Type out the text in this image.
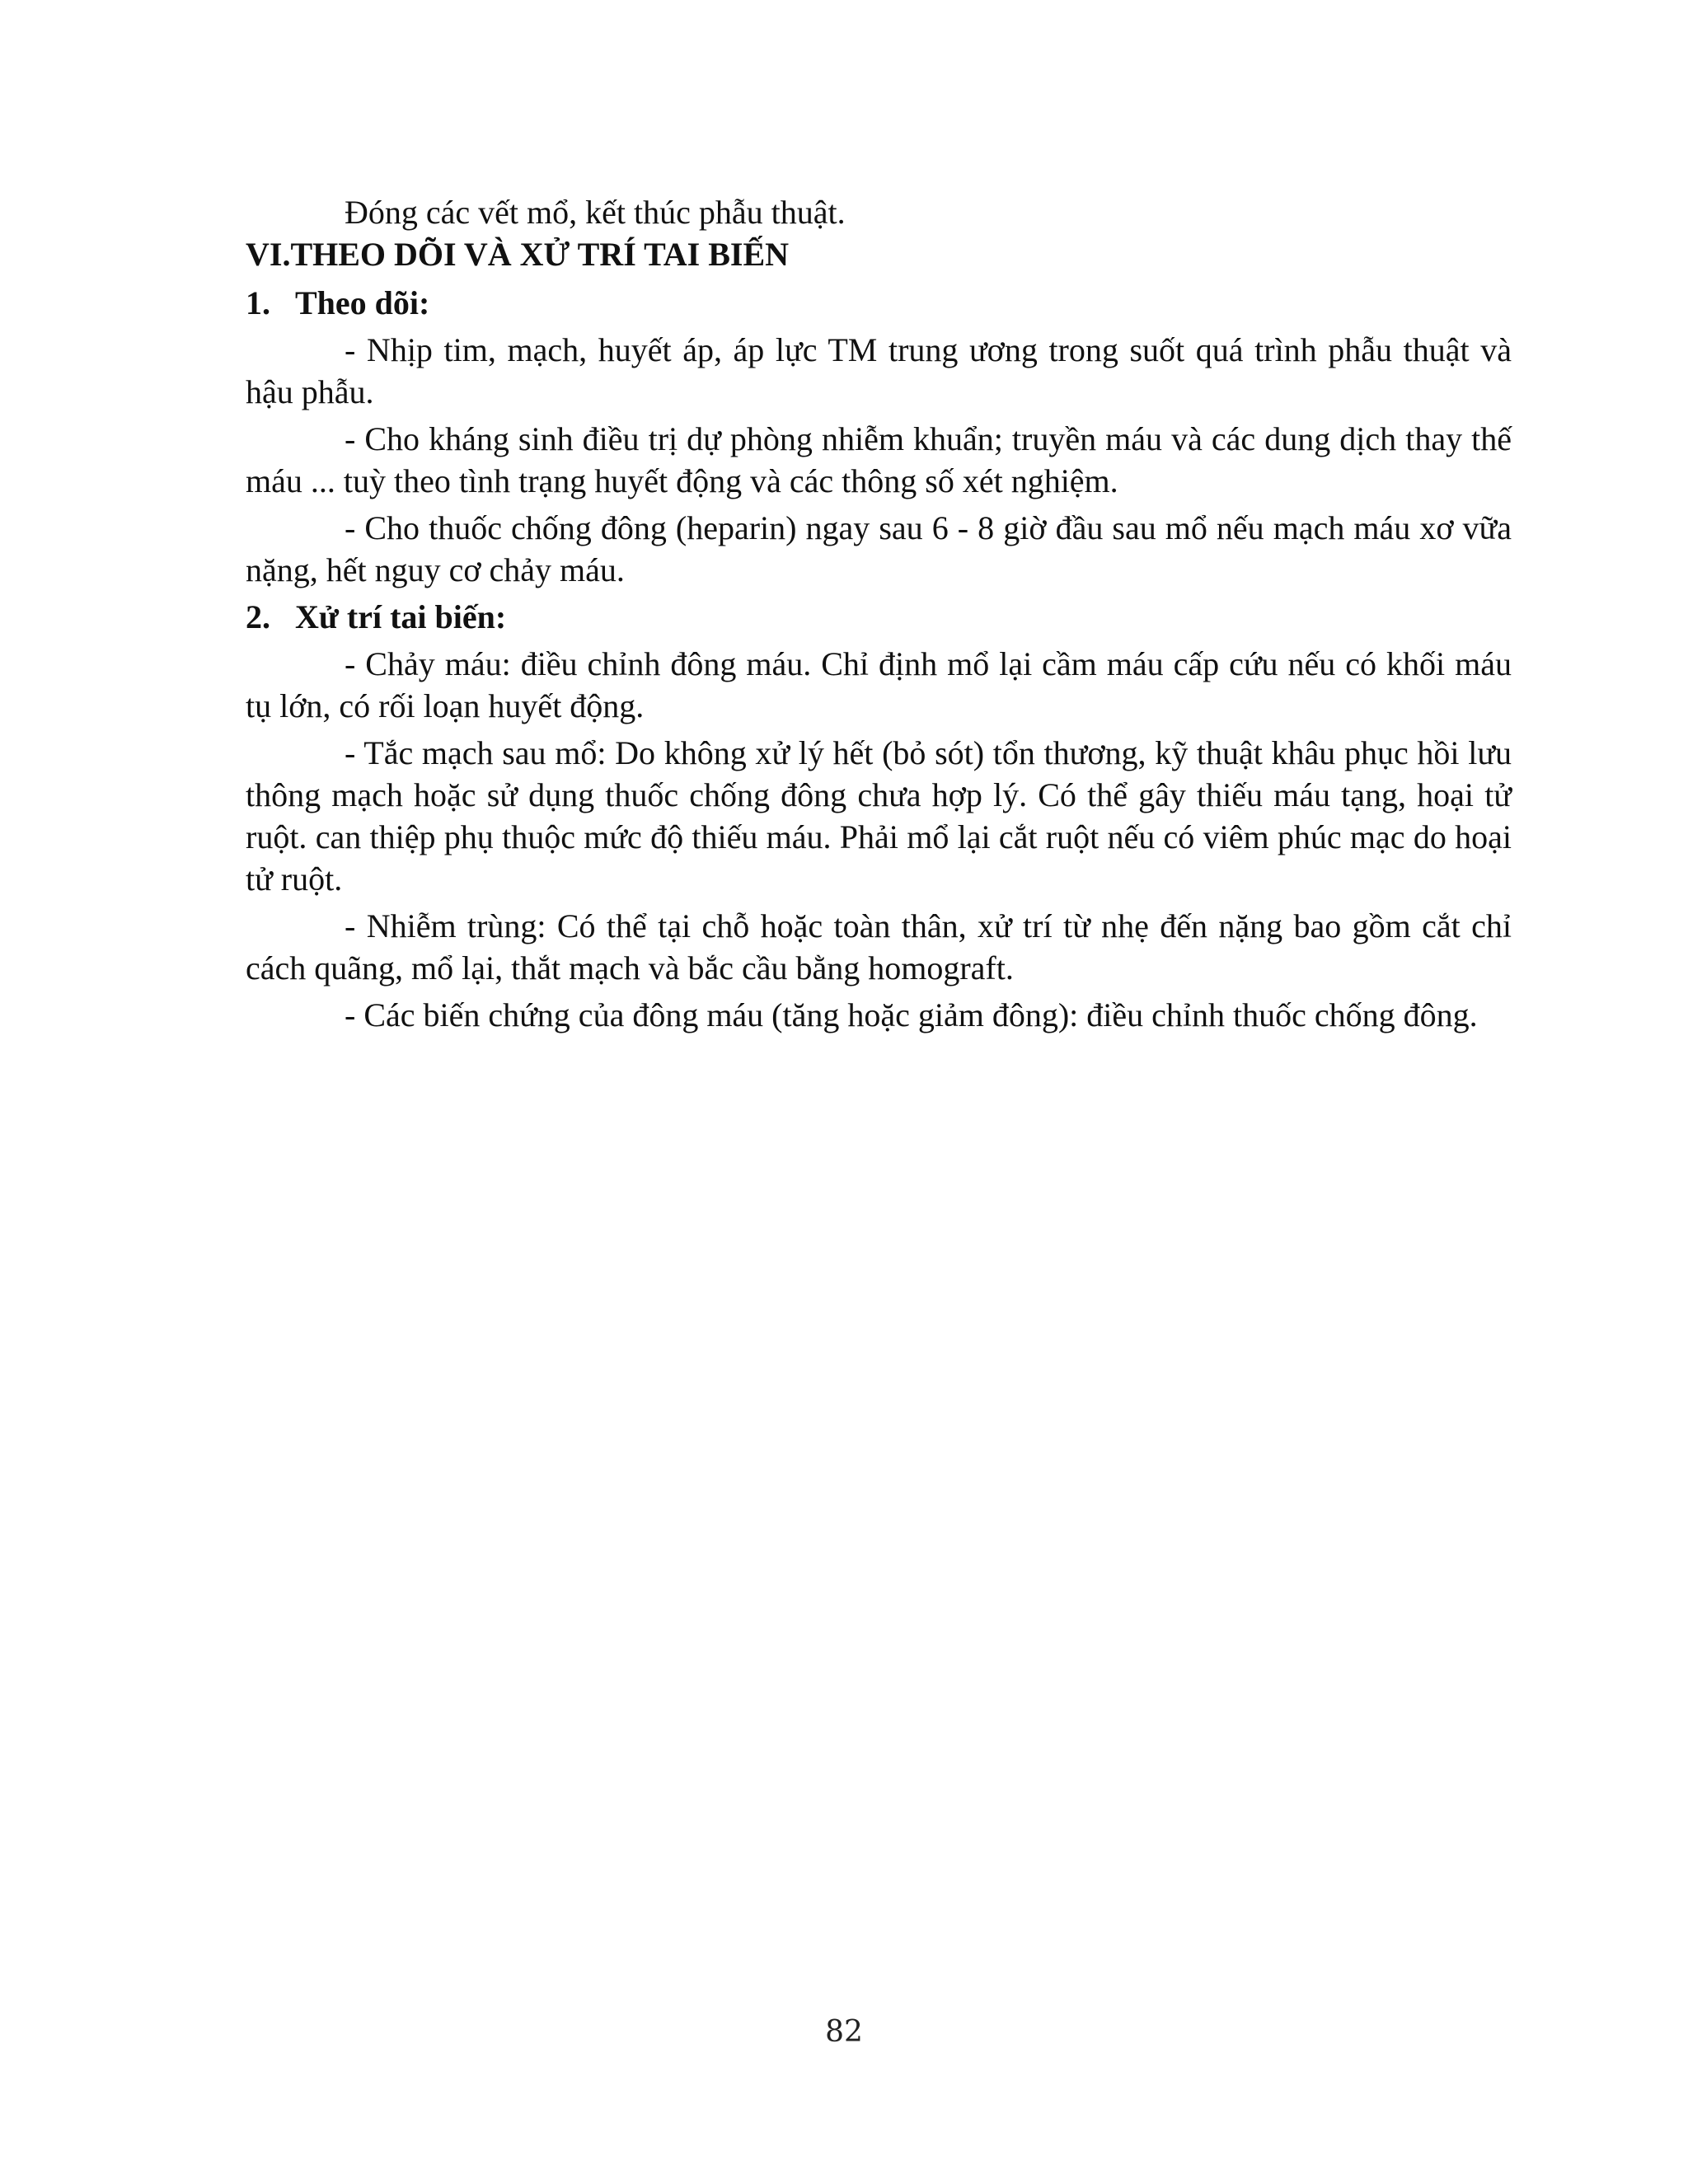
Đóng các vết mổ, kết thúc phẫu thuật.

VI.THEO DÕI VÀ XỬ TRÍ TAI BIẾN

1. Theo dõi:

- Nhịp tim, mạch, huyết áp, áp lực TM trung ương trong suốt quá trình phẫu thuật và hậu phẫu.

- Cho kháng sinh điều trị dự phòng nhiễm khuẩn; truyền máu và các dung dịch thay thế máu ... tuỳ theo tình trạng huyết động và các thông số xét nghiệm.

- Cho thuốc chống đông (heparin) ngay sau 6 - 8 giờ đầu sau mổ nếu mạch máu xơ vữa nặng, hết nguy cơ chảy máu.

2. Xử trí tai biến:

- Chảy máu: điều chỉnh đông máu. Chỉ định mổ lại cầm máu cấp cứu nếu có khối máu tụ lớn, có rối loạn huyết động.

- Tắc mạch sau mổ: Do không xử lý hết (bỏ sót) tổn thương, kỹ thuật khâu phục hồi lưu thông mạch hoặc sử dụng thuốc chống đông chưa hợp lý. Có thể gây thiếu máu tạng, hoại tử ruột. can thiệp phụ thuộc mức độ thiếu máu. Phải mổ lại cắt ruột nếu có viêm phúc mạc do hoại tử ruột.

- Nhiễm trùng: Có thể tại chỗ hoặc toàn thân, xử trí từ nhẹ đến nặng bao gồm cắt chỉ cách quãng, mổ lại, thắt mạch và bắc cầu bằng homograft.

- Các biến chứng của đông máu (tăng hoặc giảm đông): điều chỉnh thuốc chống đông.

82
